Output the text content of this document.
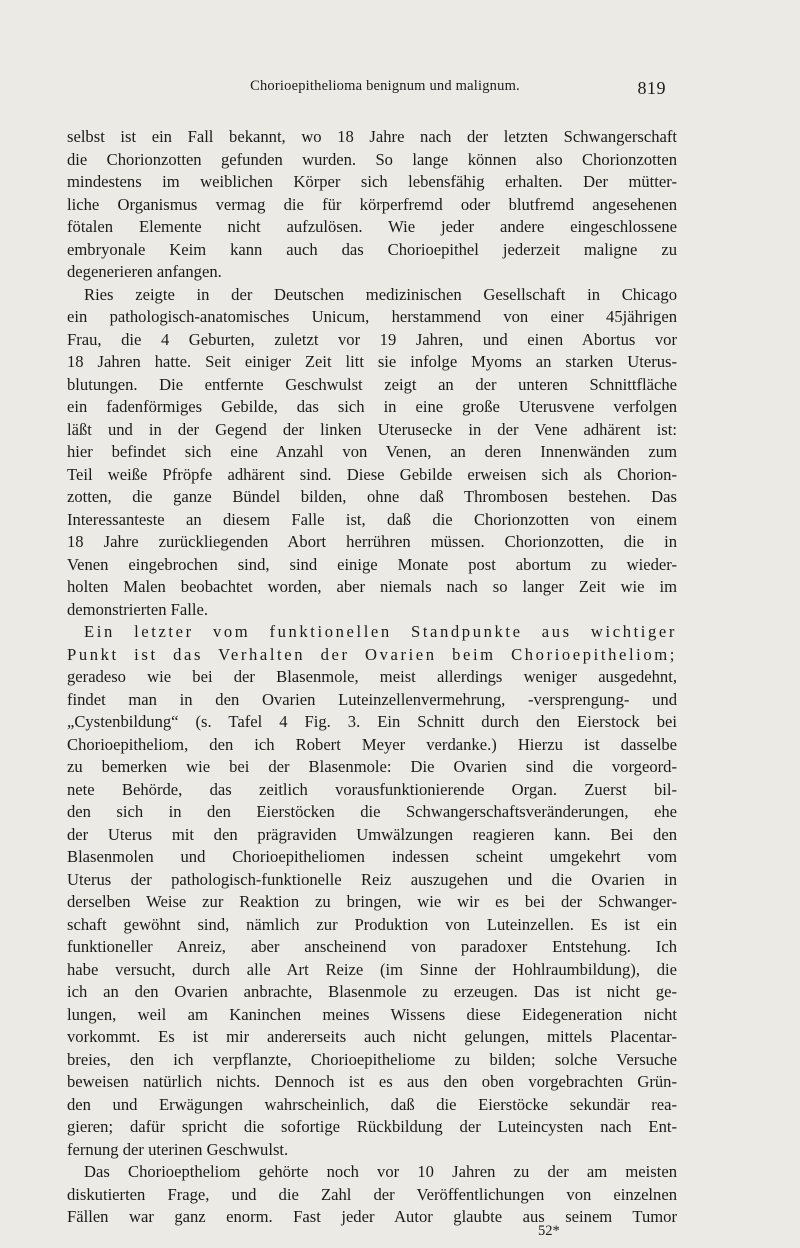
Chorioepithelioma benignum und malignum.	819
selbst ist ein Fall bekannt, wo 18 Jahre nach der letzten Schwangerschaft
die Chorionzotten gefunden wurden. So lange können also Chorionzotten
mindestens im weiblichen Körper sich lebensfähig erhalten. Der mütter-
liche Organismus vermag die für körperfremd oder blutfremd angesehenen
fötalen Elemente nicht aufzulösen. Wie jeder andere eingeschlossene
embryonale Keim kann auch das Chorioepithel jederzeit maligne zu
degenerieren anfangen.
Ries zeigte in der Deutschen medizinischen Gesellschaft in Chicago
ein pathologisch-anatomisches Unicum, herstammend von einer 45jährigen
Frau, die 4 Geburten, zuletzt vor 19 Jahren, und einen Abortus vor
18 Jahren hatte. Seit einiger Zeit litt sie infolge Myoms an starken Uterus-
blutungen. Die entfernte Geschwulst zeigt an der unteren Schnittfläche
ein fadenförmiges Gebilde, das sich in eine große Uterusvene verfolgen
läßt und in der Gegend der linken Uterusecke in der Vene adhärent ist:
hier befindet sich eine Anzahl von Venen, an deren Innenwänden zum
Teil weiße Pfröpfe adhärent sind. Diese Gebilde erweisen sich als Chorion-
zotten, die ganze Bündel bilden, ohne daß Thrombosen bestehen. Das
Interessanteste an diesem Falle ist, daß die Chorionzotten von einem
18 Jahre zurückliegenden Abort herrühren müssen. Chorionzotten, die in
Venen eingebrochen sind, sind einige Monate post abortum zu wieder-
holten Malen beobachtet worden, aber niemals nach so langer Zeit wie im
demonstrierten Falle.
Ein letzter vom funktionellen Standpunkte aus wichtiger
Punkt ist das Verhalten der Ovarien beim Chorioepitheliom;
geradeso wie bei der Blasenmole, meist allerdings weniger ausgedehnt,
findet man in den Ovarien Luteinzellenvermehrung, -versprengung- und
„Cystenbildung“ (s. Tafel 4 Fig. 3. Ein Schnitt durch den Eierstock bei
Chorioepitheliom, den ich Robert Meyer verdanke.) Hierzu ist dasselbe
zu bemerken wie bei der Blasenmole: Die Ovarien sind die vorgeord-
nete Behörde, das zeitlich vorausfunktionierende Organ. Zuerst bil-
den sich in den Eierstöcken die Schwangerschaftsveränderungen, ehe
der Uterus mit den prägraviden Umwälzungen reagieren kann. Bei den
Blasenmolen und Chorioepitheliomen indessen scheint umgekehrt vom
Uterus der pathologisch-funktionelle Reiz auszugehen und die Ovarien in
derselben Weise zur Reaktion zu bringen, wie wir es bei der Schwanger-
schaft gewöhnt sind, nämlich zur Produktion von Luteinzellen. Es ist ein
funktioneller Anreiz, aber anscheinend von paradoxer Entstehung. Ich
habe versucht, durch alle Art Reize (im Sinne der Hohlraumbildung), die
ich an den Ovarien anbrachte, Blasenmole zu erzeugen. Das ist nicht ge-
lungen, weil am Kaninchen meines Wissens diese Eidegeneration nicht
vorkommt. Es ist mir andererseits auch nicht gelungen, mittels Placentar-
breies, den ich verpflanzte, Chorioepitheliome zu bilden; solche Versuche
beweisen natürlich nichts. Dennoch ist es aus den oben vorgebrachten Grün-
den und Erwägungen wahrscheinlich, daß die Eierstöcke sekundär rea-
gieren; dafür spricht die sofortige Rückbildung der Luteincysten nach Ent-
fernung der uterinen Geschwulst.
Das Chorioeptheliom gehörte noch vor 10 Jahren zu der am meisten
diskutierten Frage, und die Zahl der Veröffentlichungen von einzelnen
Fällen war ganz enorm. Fast jeder Autor glaubte aus seinem Tumor
52*
